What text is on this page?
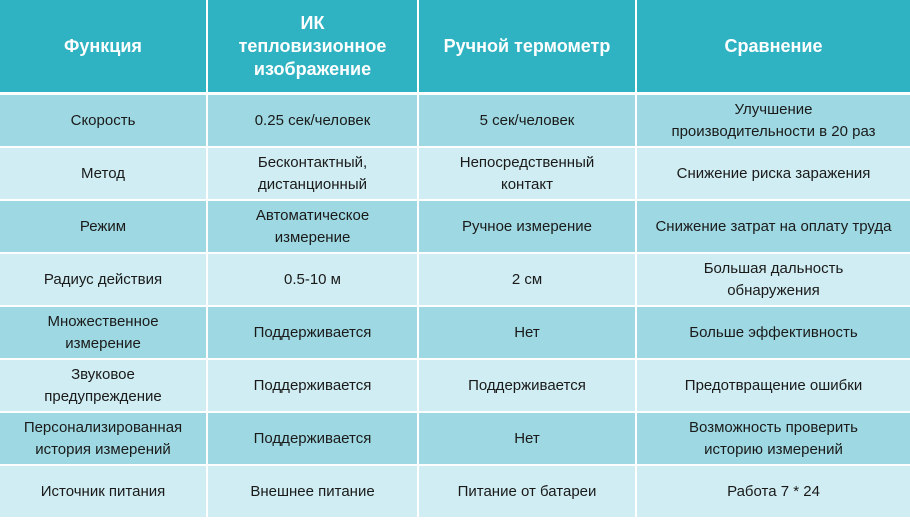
Функция	ИК тепловизионное изображение	Ручной термометр	Сравнение
Скорость	0.25 сек/человек	5 сек/человек	Улучшение производительности в 20 раз
Метод	Бесконтактный, дистанционный	Непосредственный контакт	Снижение риска заражения
Режим	Автоматическое измерение	Ручное измерение	Снижение затрат на оплату труда
Радиус действия	0.5-10 м	2 см	Большая дальность обнаружения
Множественное измерение	Поддерживается	Нет	Больше эффективность
Звуковое предупреждение	Поддерживается	Поддерживается	Предотвращение ошибки
Персонализированная история измерений	Поддерживается	Нет	Возможность проверить историю измерений
Источник питания	Внешнее питание	Питание от батареи	Работа 7 * 24
